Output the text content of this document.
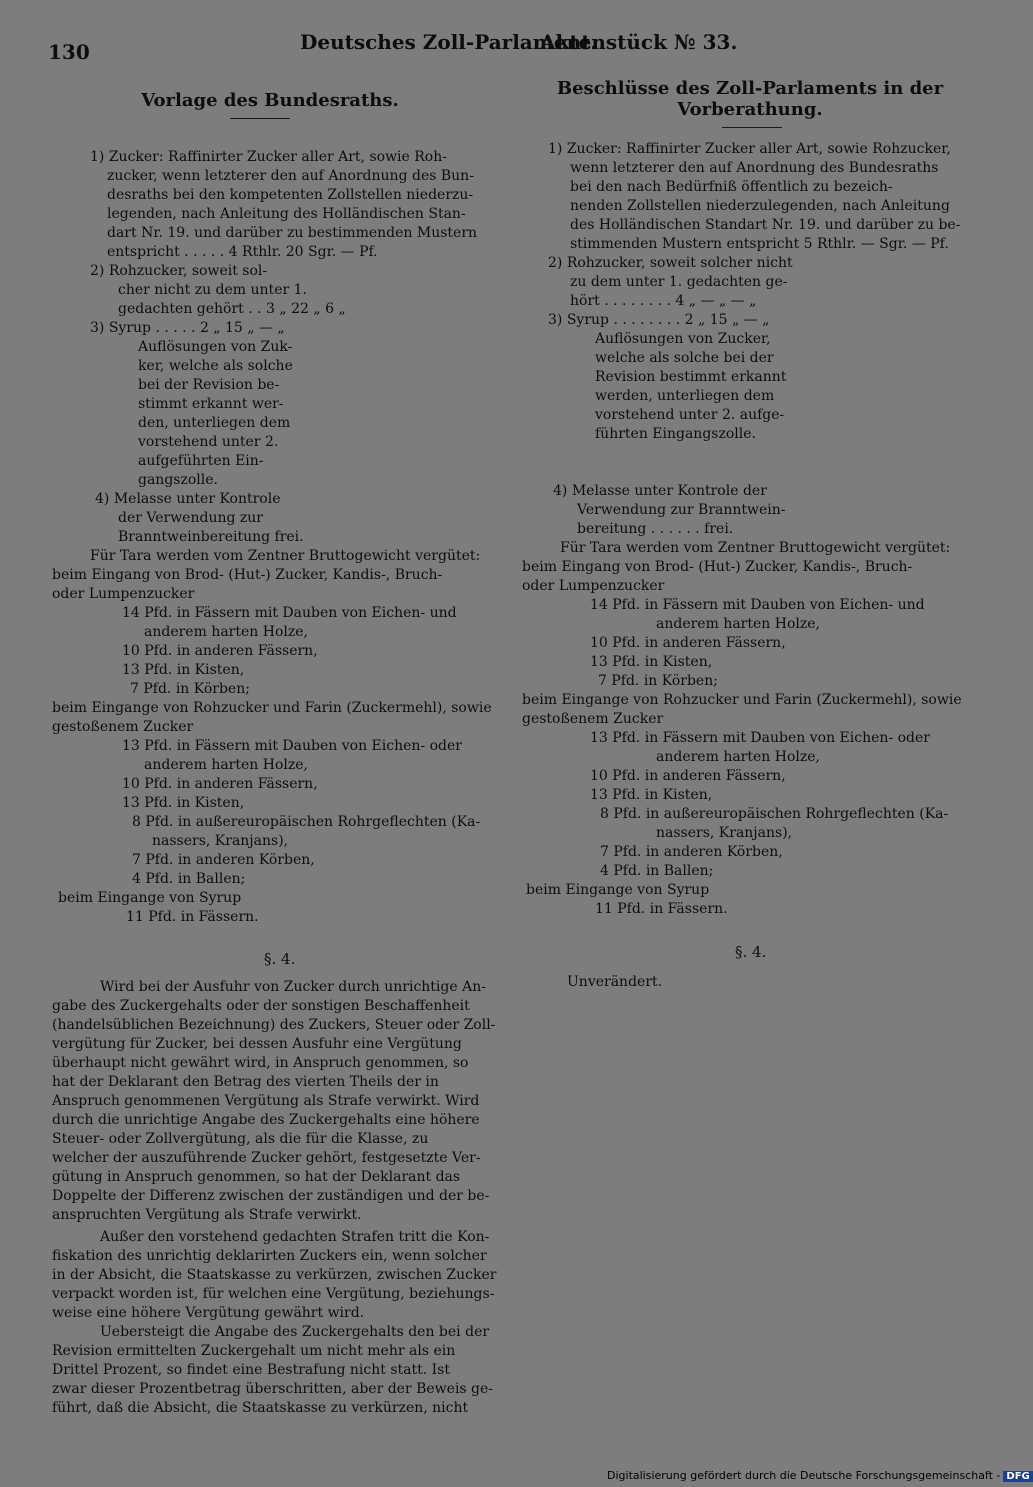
130	Deutsches Zoll-Parlament.
Aktenstück № 33.
Vorlage des Bundesraths.
Beschlüsse des Zoll-Parlaments in der
Vorberathung.
1) Zucker: Raffinirter Zucker aller Art, sowie Roh-
zucker, wenn letzterer den auf Anordnung des Bun-
desraths bei den kompetenten Zollstellen niederzu-
legenden, nach Anleitung des Holländischen Stan-
dart Nr. 19. und darüber zu bestimmenden Mustern
entspricht . . . . . 4 Rthlr. 20 Sgr. — Pf.
2) Rohzucker, soweit sol-
cher nicht zu dem unter 1.
gedachten gehört . . 3 „ 22 „ 6 „
3) Syrup . . . . . 2 „ 15 „ — „
Auflösungen von Zuk-
ker, welche als solche
bei der Revision be-
stimmt erkannt wer-
den, unterliegen dem
vorstehend unter 2.
aufgeführten Ein-
gangszolle.
4) Melasse unter Kontrole
der Verwendung zur
Branntweinbereitung frei.
Für Tara werden vom Zentner Bruttogewicht vergütet:
beim Eingang von Brod- (Hut-) Zucker, Kandis-, Bruch-
oder Lumpenzucker
14 Pfd. in Fässern mit Dauben von Eichen- und
anderem harten Holze,
10 Pfd. in anderen Fässern,
13 Pfd. in Kisten,
7 Pfd. in Körben;
beim Eingange von Rohzucker und Farin (Zuckermehl), sowie
gestoßenem Zucker
13 Pfd. in Fässern mit Dauben von Eichen- oder
anderem harten Holze,
10 Pfd. in anderen Fässern,
13 Pfd. in Kisten,
8 Pfd. in außereuropäischen Rohrgeflechten (Ka-
nassers, Kranjans),
7 Pfd. in anderen Körben,
4 Pfd. in Ballen;
beim Eingange von Syrup
11 Pfd. in Fässern.
1) Zucker: Raffinirter Zucker aller Art, sowie Rohzucker,
wenn letzterer den auf Anordnung des Bundesraths
bei den nach Bedürfniß öffentlich zu bezeich-
nenden Zollstellen niederzulegenden, nach Anleitung
des Holländischen Standart Nr. 19. und darüber zu be-
stimmenden Mustern entspricht 5 Rthlr. — Sgr. — Pf.
2) Rohzucker, soweit solcher nicht
zu dem unter 1. gedachten ge-
hört . . . . . . . . 4 „ — „ — „
3) Syrup . . . . . . . . 2 „ 15 „ — „
Auflösungen von Zucker,
welche als solche bei der
Revision bestimmt erkannt
werden, unterliegen dem
vorstehend unter 2. aufge-
führten Eingangszolle.
4) Melasse unter Kontrole der
Verwendung zur Branntwein-
bereitung . . . . . . frei.
Für Tara werden vom Zentner Bruttogewicht vergütet:
beim Eingang von Brod- (Hut-) Zucker, Kandis-, Bruch-
oder Lumpenzucker
14 Pfd. in Fässern mit Dauben von Eichen- und
anderem harten Holze,
10 Pfd. in anderen Fässern,
13 Pfd. in Kisten,
7 Pfd. in Körben;
beim Eingange von Rohzucker und Farin (Zuckermehl), sowie
gestoßenem Zucker
13 Pfd. in Fässern mit Dauben von Eichen- oder
anderem harten Holze,
10 Pfd. in anderen Fässern,
13 Pfd. in Kisten,
8 Pfd. in außereuropäischen Rohrgeflechten (Ka-
nassers, Kranjans),
7 Pfd. in anderen Körben,
4 Pfd. in Ballen;
beim Eingange von Syrup
11 Pfd. in Fässern.
§. 4.	§. 4.
Unverändert.
Wird bei der Ausfuhr von Zucker durch unrichtige An-
gabe des Zuckergehalts oder der sonstigen Beschaffenheit
(handelsüblichen Bezeichnung) des Zuckers, Steuer oder Zoll-
vergütung für Zucker, bei dessen Ausfuhr eine Vergütung
überhaupt nicht gewährt wird, in Anspruch genommen, so
hat der Deklarant den Betrag des vierten Theils der in
Anspruch genommenen Vergütung als Strafe verwirkt. Wird
durch die unrichtige Angabe des Zuckergehalts eine höhere
Steuer- oder Zollvergütung, als die für die Klasse, zu
welcher der auszuführende Zucker gehört, festgesetzte Ver-
gütung in Anspruch genommen, so hat der Deklarant das
Doppelte der Differenz zwischen der zuständigen und der be-
anspruchten Vergütung als Strafe verwirkt.
Außer den vorstehend gedachten Strafen tritt die Kon-
fiskation des unrichtig deklarirten Zuckers ein, wenn solcher
in der Absicht, die Staatskasse zu verkürzen, zwischen Zucker
verpackt worden ist, für welchen eine Vergütung, beziehungs-
weise eine höhere Vergütung gewährt wird.
Uebersteigt die Angabe des Zuckergehalts den bei der
Revision ermittelten Zuckergehalt um nicht mehr als ein
Drittel Prozent, so findet eine Bestrafung nicht statt. Ist
zwar dieser Prozentbetrag überschritten, aber der Beweis ge-
führt, daß die Absicht, die Staatskasse zu verkürzen, nicht
Digitalisierung gefördert durch die Deutsche Forschungsgemeinschaft - DFG
